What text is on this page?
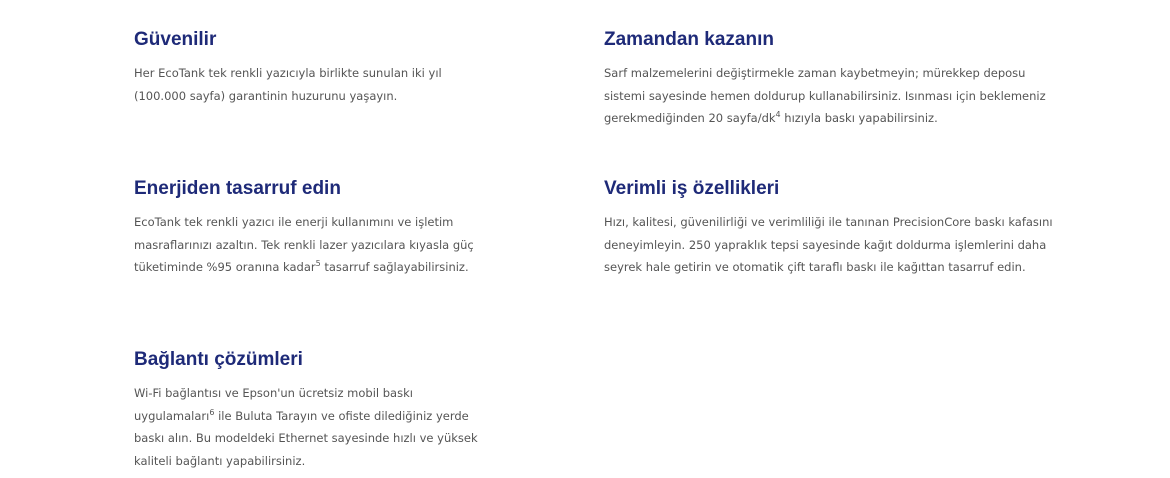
Güvenilir

Her EcoTank tek renkli yazıcıyla birlikte sunulan iki yıl (100.000 sayfa) garantinin huzurunu yaşayın.

Zamandan kazanın

Sarf malzemelerini değiştirmekle zaman kaybetmeyin; mürekkep deposu sistemi sayesinde hemen doldurup kullanabilirsiniz. Isınması için beklemeniz gerekmediğinden 20 sayfa/$dk^4$ hızıyla baskı yapabilirsiniz.

Enerjiden tasarruf edin

EcoTank tek renkli yazıcı ile enerji kullanımını ve işletim masraflarınızı azaltın. Tek renkli lazer yazıcılara kıyasla güç tüketiminde %95 oranına kadar$^5$ tasarruf sağlayabilirsiniz.

Verimli iş özellikleri

Hızı, kalitesi, güvenilirliği ve verimliliği ile tanınan PrecisionCore baskı kafasını deneyimleyin. 250 yapraklık tepsi sayesinde kağıt doldurma işlemlerini daha seyrek hale getirin ve otomatik çift taraflı baskı ile kağıttan tasarruf edin.

Bağlantı çözümleri

Wi-Fi bağlantısı ve Epson'un ücretsiz mobil baskı uygulamaları$^6$ ile Buluta Tarayın ve ofiste dilediğiniz yerde baskı alın. Bu modeldeki Ethernet sayesinde hızlı ve yüksek kaliteli bağlantı yapabilirsiniz.
